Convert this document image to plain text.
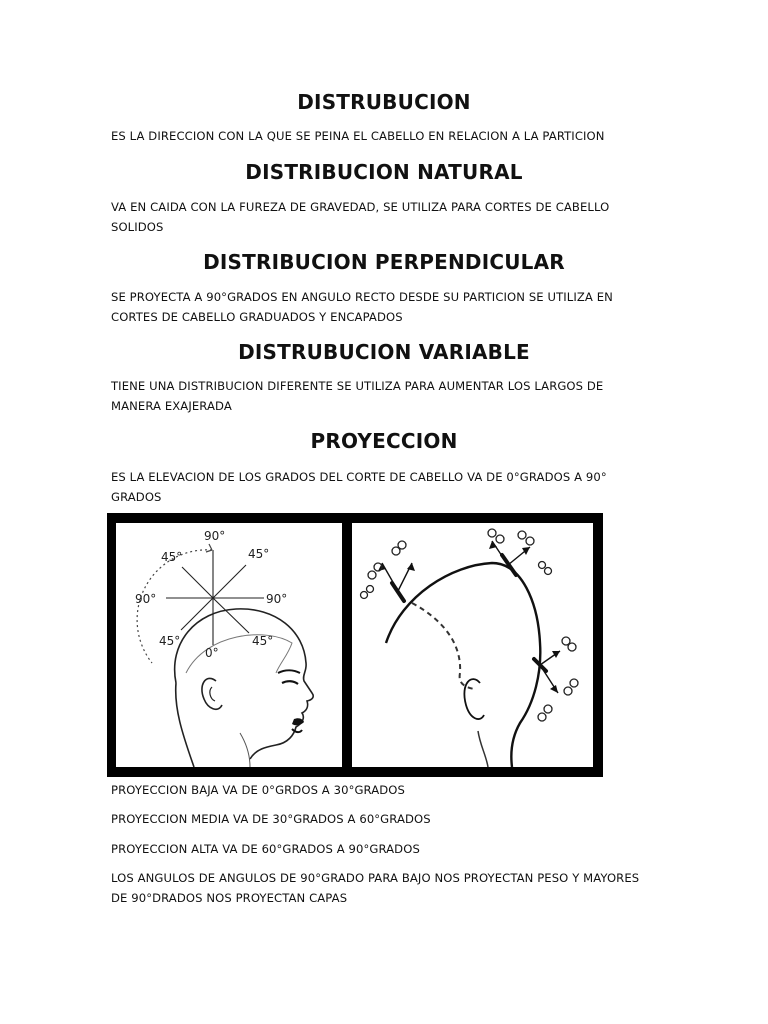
DISTRUBUCION

ES LA DIRECCION CON LA QUE SE PEINA EL CABELLO EN RELACION A LA PARTICION

DISTRIBUCION NATURAL

VA EN CAIDA CON LA FUREZA DE GRAVEDAD, SE UTILIZA PARA CORTES DE CABELLO SOLIDOS

DISTRIBUCION PERPENDICULAR

SE PROYECTA A 90°GRADOS EN ANGULO RECTO DESDE SU PARTICION SE UTILIZA EN CORTES DE CABELLO GRADUADOS Y ENCAPADOS

DISTRUBUCION VARIABLE

TIENE UNA DISTRIBUCION DIFERENTE SE UTILIZA PARA AUMENTAR LOS LARGOS DE MANERA EXAJERADA

PROYECCION

ES LA ELEVACION DE LOS GRADOS DEL CORTE DE CABELLO VA DE 0°GRADOS A 90° GRADOS

90°
45°	45°
90°	90°
45°	45°
0°

PROYECCION BAJA VA DE 0°GRDOS A 30°GRADOS

PROYECCION MEDIA VA DE 30°GRADOS A 60°GRADOS

PROYECCION ALTA VA DE 60°GRADOS A 90°GRADOS

LOS ANGULOS DE ANGULOS DE 90°GRADO PARA BAJO NOS PROYECTAN PESO Y MAYORES DE 90°DRADOS NOS PROYECTAN CAPAS
